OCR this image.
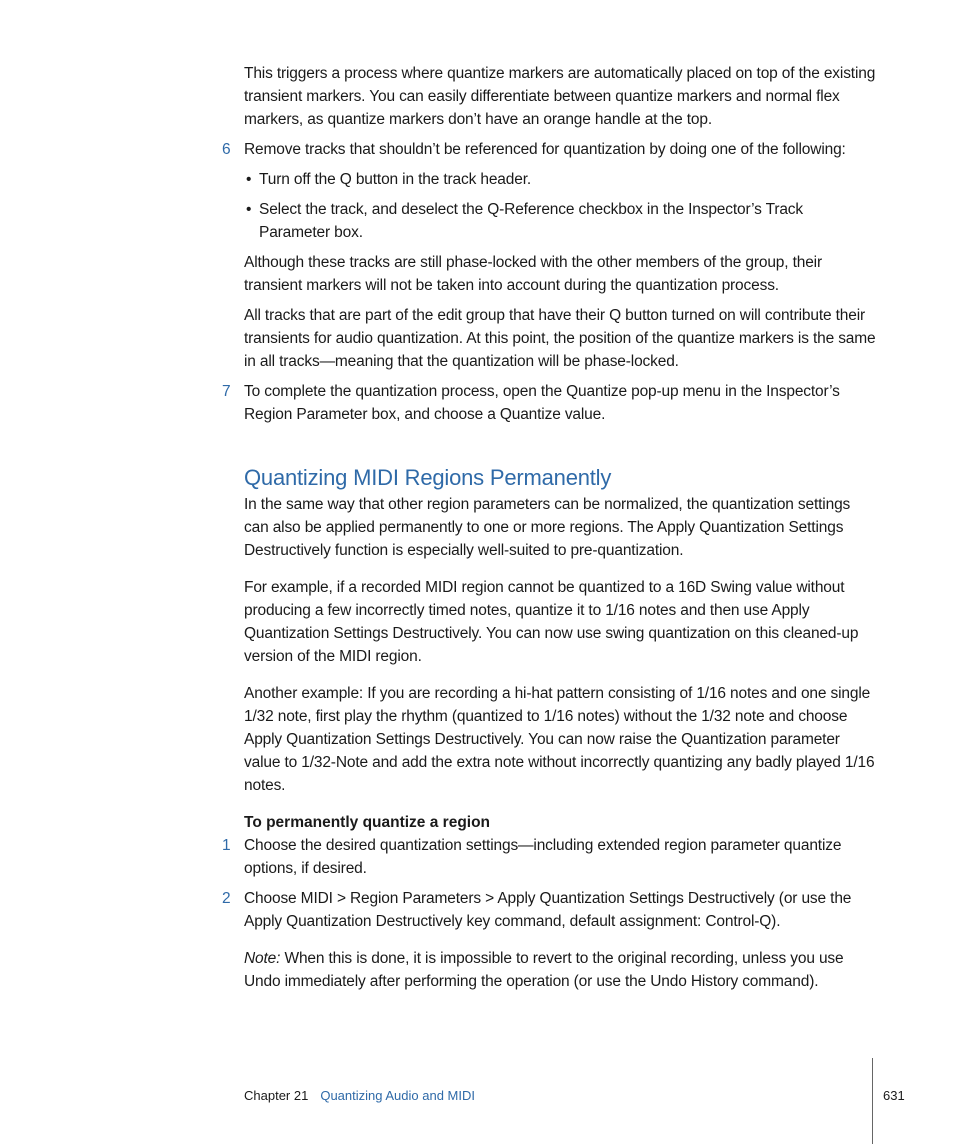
This triggers a process where quantize markers are automatically placed on top of the existing transient markers. You can easily differentiate between quantize markers and normal flex markers, as quantize markers don’t have an orange handle at the top.

6 Remove tracks that shouldn’t be referenced for quantization by doing one of the following:

• Turn off the Q button in the track header.

• Select the track, and deselect the Q-Reference checkbox in the Inspector’s Track Parameter box.

Although these tracks are still phase-locked with the other members of the group, their transient markers will not be taken into account during the quantization process.

All tracks that are part of the edit group that have their Q button turned on will contribute their transients for audio quantization. At this point, the position of the quantize markers is the same in all tracks—meaning that the quantization will be phase-locked.

7 To complete the quantization process, open the Quantize pop-up menu in the Inspector’s Region Parameter box, and choose a Quantize value.

Quantizing MIDI Regions Permanently

In the same way that other region parameters can be normalized, the quantization settings can also be applied permanently to one or more regions. The Apply Quantization Settings Destructively function is especially well-suited to pre-quantization.

For example, if a recorded MIDI region cannot be quantized to a 16D Swing value without producing a few incorrectly timed notes, quantize it to 1/16 notes and then use Apply Quantization Settings Destructively. You can now use swing quantization on this cleaned-up version of the MIDI region.

Another example: If you are recording a hi-hat pattern consisting of 1/16 notes and one single 1/32 note, first play the rhythm (quantized to 1/16 notes) without the 1/32 note and choose Apply Quantization Settings Destructively. You can now raise the Quantization parameter value to 1/32-Note and add the extra note without incorrectly quantizing any badly played 1/16 notes.

To permanently quantize a region

1 Choose the desired quantization settings—including extended region parameter quantize options, if desired.

2 Choose MIDI > Region Parameters > Apply Quantization Settings Destructively (or use the Apply Quantization Destructively key command, default assignment: Control-Q).

Note: When this is done, it is impossible to revert to the original recording, unless you use Undo immediately after performing the operation (or use the Undo History command).

Chapter 21 Quantizing Audio and MIDI	631
